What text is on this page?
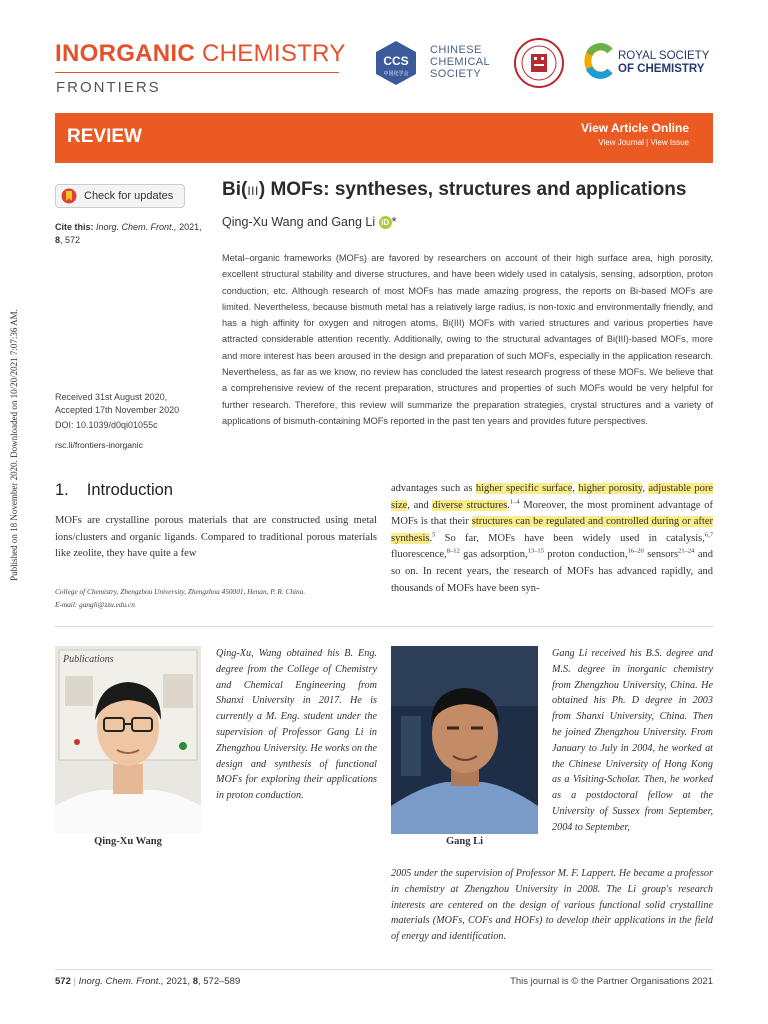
INORGANIC CHEMISTRY
FRONTIERS
CCS
中国化学会
CHINESE
CHEMICAL
SOCIETY
ROYAL SOCIETY
OF CHEMISTRY
REVIEW	View Article Online
View Journal | View Issue
Check for updates	Bi(III) MOFs: syntheses, structures and applications
Qing-Xu Wang and Gang Li iD *
Cite this: Inorg. Chem. Front., 2021,
8, 572
Received 31st August 2020,
Accepted 17th November 2020
DOI: 10.1039/d0qi01055c
rsc.li/frontiers-inorganic

Metal–organic frameworks (MOFs) are favored by researchers on account of their high surface area, high porosity, excellent structural stability and diverse structures, and have been widely used in catalysis, sensing, adsorption, proton conduction, etc. Although research of most MOFs has made amazing progress, the reports on Bi-based MOFs are limited. Nevertheless, because bismuth metal has a relatively large radius, is non-toxic and environmentally friendly, and has a high affinity for oxygen and nitrogen atoms, Bi(III) MOFs with varied structures and various properties have attracted considerable attention recently. Additionally, owing to the structural advantages of Bi(III)-based MOFs, more and more interest has been aroused in the design and preparation of such MOFs, especially in the application research. Nevertheless, as far as we know, no review has concluded the latest research progress of these MOFs. We believe that a comprehensive review of the recent preparation, structures and properties of such MOFs would be very helpful for further research. Therefore, this review will summarize the preparation strategies, crystal structures and a variety of applications of bismuth-containing MOFs reported in the past ten years and provides future perspectives.

Published on 18 November 2020. Downloaded on 10/20/2021 7:07:36 AM. 1. Introduction

MOFs are crystalline porous materials that are constructed using metal ions/clusters and organic ligands. Compared to traditional porous materials like zeolite, they have quite a few

College of Chemistry, Zhengzhou University, Zhengzhou 450001, Henan, P. R. China.
E-mail: gangli@zzu.edu.cn

advantages such as higher specific surface, higher porosity, adjustable pore size, and diverse structures.$^{1-4}$ Moreover, the most prominent advantage of MOFs is that their structures can be regulated and controlled during or after synthesis.$^5$ So far, MOFs have been widely used in catalysis,$^{6,7}$ fluorescence,$^{8-12}$ gas adsorption,$^{13-15}$ proton conduction,$^{16-20}$ sensors$^{21-24}$ and so on. In recent years, the research of MOFs has advanced rapidly, and thousands of MOFs have been syn-

Publications
Qing-Xu Wang

Qing-Xu, Wang obtained his B. Eng. degree from the College of Chemistry and Chemical Engineering from Shanxi University in 2017. He is currently a M. Eng. student under the supervision of Professor Gang Li in Zhengzhou University. He works on the design and synthesis of functional MOFs for exploring their applications in proton conduction.

Gang Li

Gang Li received his B.S. degree and M.S. degree in inorganic chemistry from Zhengzhou University, China. He obtained his Ph. D degree in 2003 from Shanxi University, China. Then he joined Zhengzhou University. From January to July in 2004, he worked at the Chinese University of Hong Kong as a Visiting-Scholar. Then, he worked as a postdoctoral fellow at the University of Sussex from September, 2004 to September,

2005 under the supervision of Professor M. F. Lappert. He became a professor in chemistry at Zhengzhou University in 2008. The Li group's research interests are centered on the design of various functional solid crystalline materials (MOFs, COFs and HOFs) to develop their applications in the field of energy and identification.

572 | Inorg. Chem. Front., 2021, 8, 572–589	This journal is © the Partner Organisations 2021
